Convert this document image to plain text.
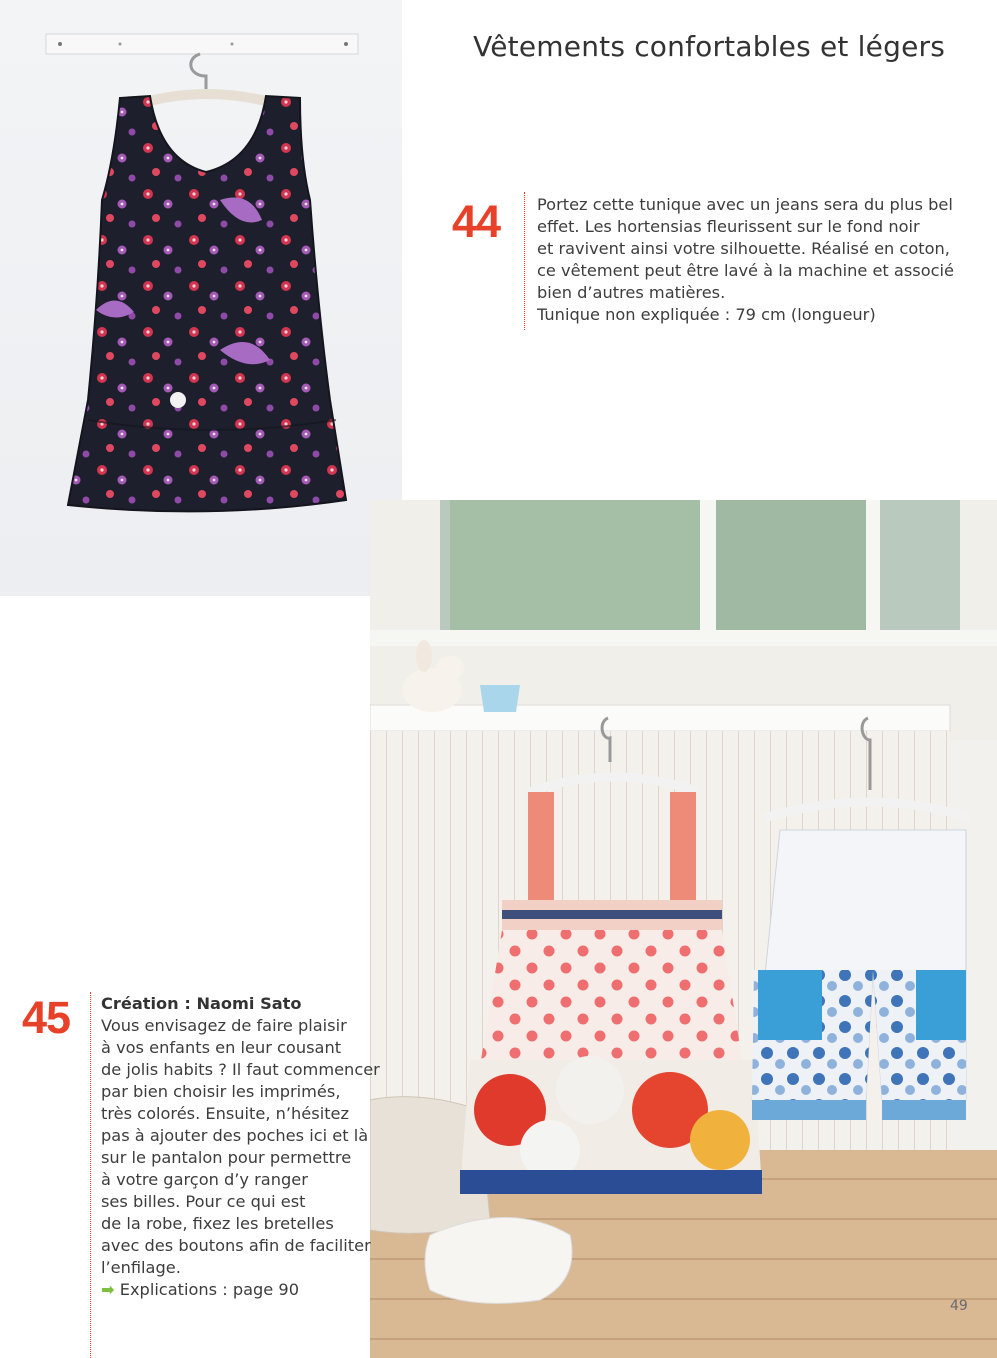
Vêtements confortables et légers
44 Portez cette tunique avec un jeans sera du plus bel

effet. Les hortensias fleurissent sur le fond noir

et ravivent ainsi votre silhouette. Réalisé en coton,

ce vêtement peut être lavé à la machine et associé

bien d’autres matières.

Tunique non expliquée : 79 cm (longueur)

45 Création : Naomi Sato

Vous envisagez de faire plaisir

à vos enfants en leur cousant

de jolis habits ? Il faut commencer

par bien choisir les imprimés,

très colorés. Ensuite, n’hésitez

pas à ajouter des poches ici et là

sur le pantalon pour permettre

à votre garçon d’y ranger

ses billes. Pour ce qui est

de la robe, fixez les bretelles

avec des boutons afin de faciliter

l’enfilage.

➡ Explications : page 90

49
